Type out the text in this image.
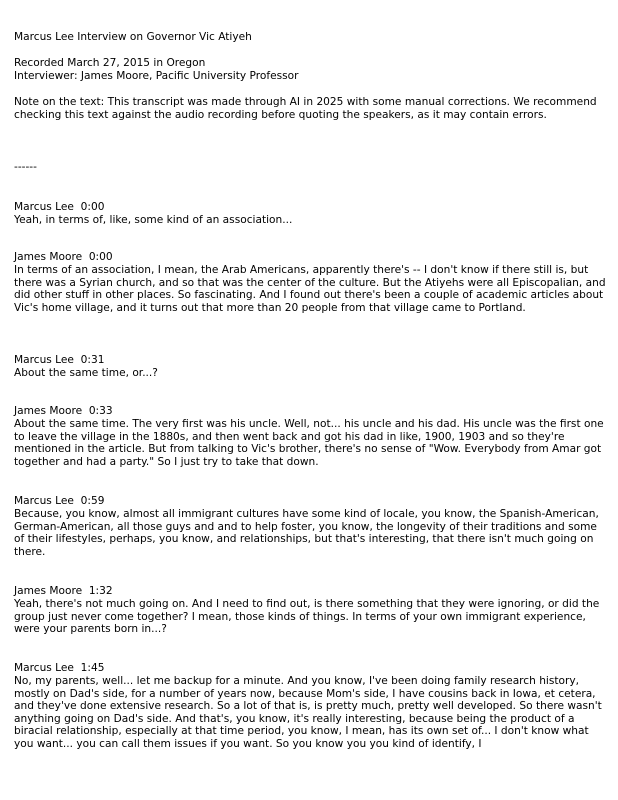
Marcus Lee Interview on Governor Vic Atiyeh
Recorded March 27, 2015 in Oregon
Interviewer: James Moore, Pacific University Professor
Note on the text: This transcript was made through AI in 2025 with some manual corrections. We recommend checking this text against the audio recording before quoting the speakers, as it may contain errors.
------
Marcus Lee  0:00
Yeah, in terms of, like, some kind of an association...
James Moore  0:00
In terms of an association, I mean, the Arab Americans, apparently there's -- I don't know if there still is, but there was a Syrian church, and so that was the center of the culture. But the Atiyehs were all Episcopalian, and did other stuff in other places. So fascinating. And I found out there's been a couple of academic articles about Vic's home village, and it turns out that more than 20 people from that village came to Portland.
Marcus Lee  0:31
About the same time, or...?
James Moore  0:33
About the same time. The very first was his uncle. Well, not... his uncle and his dad. His uncle was the first one to leave the village in the 1880s, and then went back and got his dad in like, 1900, 1903 and so they're mentioned in the article. But from talking to Vic's brother, there's no sense of "Wow. Everybody from Amar got together and had a party." So I just try to take that down.
Marcus Lee  0:59
Because, you know, almost all immigrant cultures have some kind of locale, you know, the Spanish-American, German-American, all those guys and and to help foster, you know, the longevity of their traditions and some of their lifestyles, perhaps, you know, and relationships, but that's interesting, that there isn't much going on there.
James Moore  1:32
Yeah, there's not much going on. And I need to find out, is there something that they were ignoring, or did the group just never come together? I mean, those kinds of things. In terms of your own immigrant experience, were your parents born in...?
Marcus Lee  1:45
No, my parents, well... let me backup for a minute. And you know, I've been doing family research history, mostly on Dad's side, for a number of years now, because Mom's side, I have cousins back in Iowa, et cetera, and they've done extensive research. So a lot of that is, is pretty much, pretty well developed. So there wasn't anything going on Dad's side. And that's, you know, it's really interesting, because being the product of a biracial relationship, especially at that time period, you know, I mean, has its own set of... I don't know what you want... you can call them issues if you want. So you know you you kind of identify, I
